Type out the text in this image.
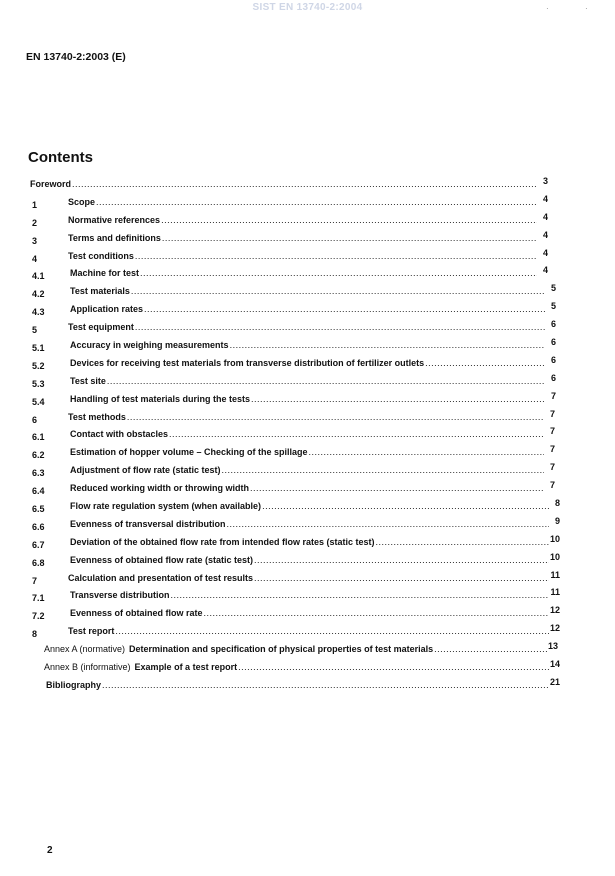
SIST EN 13740-2:2004
EN 13740-2:2003 (E)
Contents
·	·
Foreword .....	3
1	Scope .....	4
2	Normative references .....	4
3	Terms and definitions .....	4
4	Test conditions .....	4
4.1	Machine for test .....	4
4.2	Test materials .....	5
4.3	Application rates .....	5
5	Test equipment .....	6
5.1	Accuracy in weighing measurements .....	6
5.2	Devices for receiving test materials from transverse distribution of fertilizer outlets .....	6
5.3	Test site .....	6
5.4	Handling of test materials during the tests .....	7
6	Test methods .....	7
6.1	Contact with obstacles .....	7
6.2	Estimation of hopper volume – Checking of the spillage .....	7
6.3	Adjustment of flow rate (static test) .....	7
6.4	Reduced working width or throwing width .....	7
6.5	Flow rate regulation system (when available) .....	8
6.6	Evenness of transversal distribution .....	9
6.7	Deviation of the obtained flow rate from intended flow rates (static test) .....	10
6.8	Evenness of obtained flow rate (static test) .....	10
7	Calculation and presentation of test results .....	11
7.1	Transverse distribution .....	11
7.2	Evenness of obtained flow rate .....	12
8	Test report .....	12
Annex A (normative) Determination and specification of physical properties of test materials .....	13
Annex B (informative) Example of a test report .....	14
Bibliography .....	21
2
